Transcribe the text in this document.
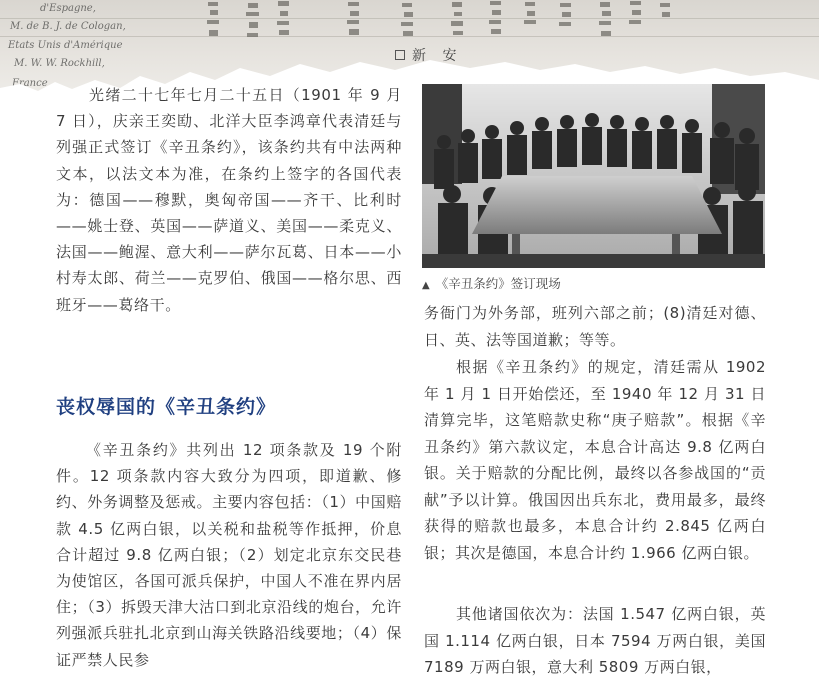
d'Espagne,
M. de B. J. de Cologan,
Etats Unis d'Amérique
M. W. W. Rockhill,
France
新 安

光绪二十七年七月二十五日（1901 年 9 月 7 日），庆亲王奕劻、北洋大臣李鸿章代表清廷与列强正式签订《辛丑条约》，该条约共有中法两种文本，以法文本为准，在条约上签字的各国代表为：德国——穆默，奥匈帝国——齐干、比利时——姚士登、英国——萨道义、美国——柔克义、法国——鲍渥、意大利——萨尔瓦葛、日本——小村寿太郎、荷兰——克罗伯、俄国——格尔思、西班牙——葛络干。

丧权辱国的《辛丑条约》

《辛丑条约》共列出 12 项条款及 19 个附件。12 项条款内容大致分为四项，即道歉、修约、外务调整及惩戒。主要内容包括：（1）中国赔款 4.5 亿两白银，以关税和盐税等作抵押，价息合计超过 9.8 亿两白银；（2）划定北京东交民巷为使馆区，各国可派兵保护，中国人不准在界内居住；（3）拆毁天津大沽口到北京沿线的炮台，允许列强派兵驻扎北京到山海关铁路沿线要地；（4）保证严禁人民参

▲ 《辛丑条约》签订现场

务衙门为外务部，班列六部之前；(8)清廷对德、日、英、法等国道歉；等等。

根据《辛丑条约》的规定，清廷需从 1902 年 1 月 1 日开始偿还，至 1940 年 12 月 31 日清算完毕，这笔赔款史称“庚子赔款”。根据《辛丑条约》第六款议定，本息合计高达 9.8 亿两白银。关于赔款的分配比例，最终以各参战国的“贡献”予以计算。俄国因出兵东北，费用最多，最终获得的赔款也最多，本息合计约 2.845 亿两白银；其次是德国，本息合计约 1.966 亿两白银。

其他诸国依次为：法国 1.547 亿两白银，英国 1.114 亿两白银，日本 7594 万两白银，美国 7189 万两白银，意大利 5809 万两白银，
